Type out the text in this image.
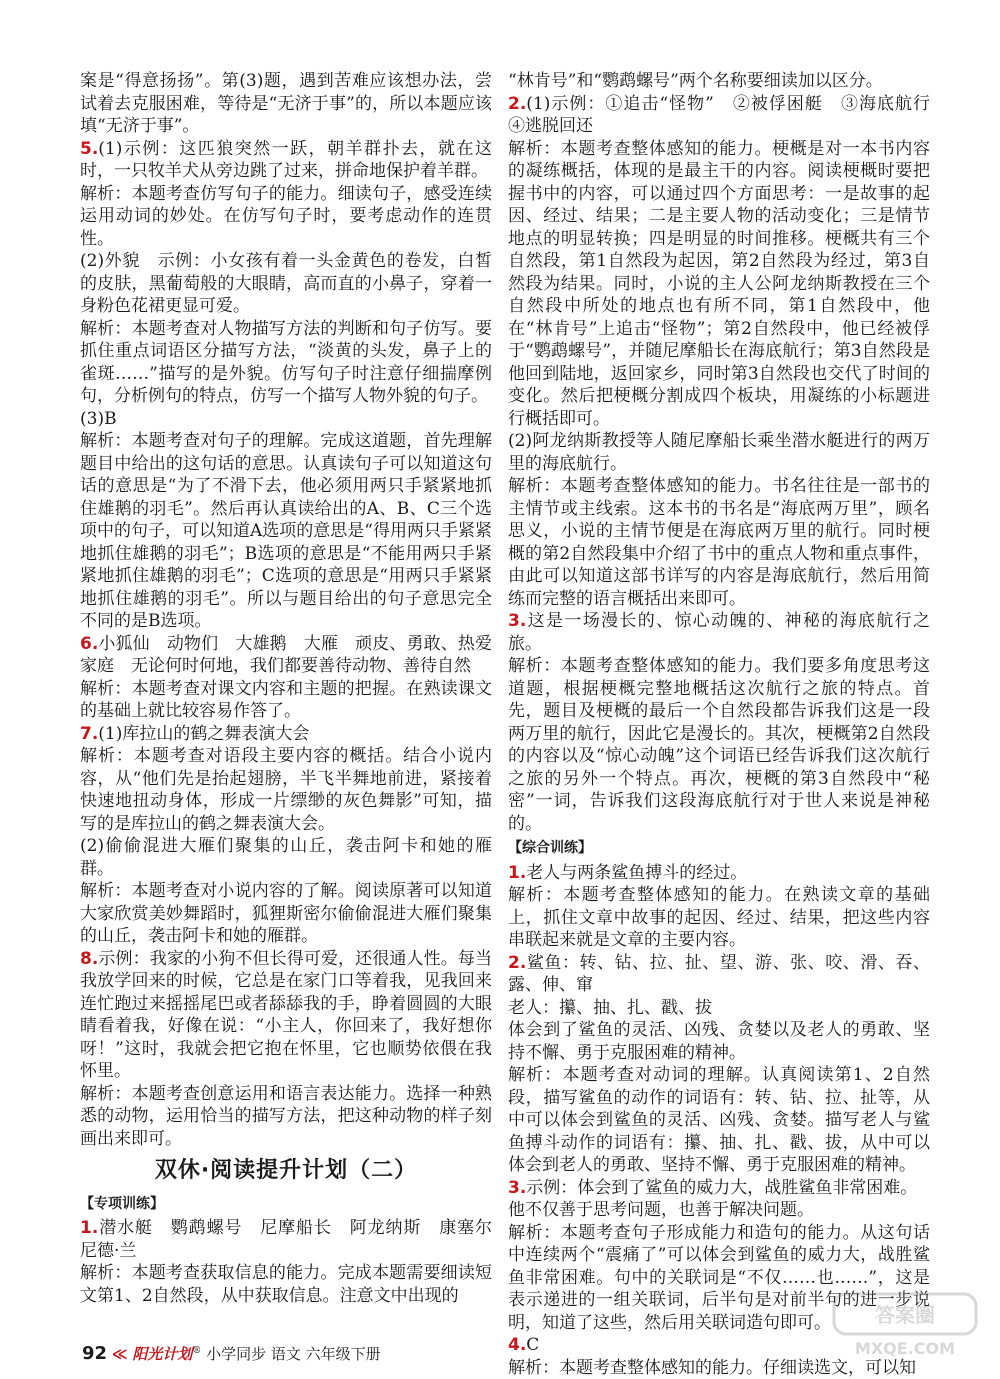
案是“得意扬扬”。第(3)题，遇到苦难应该想办法，尝试着去克服困难，等待是“无济于事”的，所以本题应该填“无济于事”。

5.(1)示例：这匹狼突然一跃，朝羊群扑去，就在这时，一只牧羊犬从旁边跳了过来，拼命地保护着羊群。

解析：本题考查仿写句子的能力。细读句子，感受连续运用动词的妙处。在仿写句子时，要考虑动作的连贯性。

(2)外貌　示例：小女孩有着一头金黄色的卷发，白皙的皮肤，黑葡萄般的大眼睛，高而直的小鼻子，穿着一身粉色花裙更显可爱。

解析：本题考查对人物描写方法的判断和句子仿写。要抓住重点词语区分描写方法，“淡黄的头发，鼻子上的雀斑……”描写的是外貌。仿写句子时注意仔细揣摩例句，分析例句的特点，仿写一个描写人物外貌的句子。

(3)B

解析：本题考查对句子的理解。完成这道题，首先理解题目中给出的这句话的意思。认真读句子可以知道这句话的意思是“为了不滑下去，他必须用两只手紧紧地抓住雄鹅的羽毛”。然后再认真读给出的A、B、C三个选项中的句子，可以知道A选项的意思是“得用两只手紧紧地抓住雄鹅的羽毛”；B选项的意思是“不能用两只手紧紧地抓住雄鹅的羽毛”；C选项的意思是“用两只手紧紧地抓住雄鹅的羽毛”。所以与题目给出的句子意思完全不同的是B选项。

6.小狐仙　动物们　大雄鹅　大雁　顽皮、勇敢、热爱家庭　无论何时何地，我们都要善待动物、善待自然

解析：本题考查对课文内容和主题的把握。在熟读课文的基础上就比较容易作答了。

7.(1)库拉山的鹤之舞表演大会

解析：本题考查对语段主要内容的概括。结合小说内容，从“他们先是抬起翅膀，半飞半舞地前进，紧接着快速地扭动身体，形成一片缥缈的灰色舞影”可知，描写的是库拉山的鹤之舞表演大会。

(2)偷偷混进大雁们聚集的山丘，袭击阿卡和她的雁群。

解析：本题考查对小说内容的了解。阅读原著可以知道大家欣赏美妙舞蹈时，狐狸斯密尔偷偷混进大雁们聚集的山丘，袭击阿卡和她的雁群。

8.示例：我家的小狗不但长得可爱，还很通人性。每当我放学回来的时候，它总是在家门口等着我，见我回来连忙跑过来摇摇尾巴或者舔舔我的手，睁着圆圆的大眼睛看着我，好像在说：“小主人，你回来了，我好想你呀！”这时，我就会把它抱在怀里，它也顺势依偎在我怀里。

解析：本题考查创意运用和语言表达能力。选择一种熟悉的动物，运用恰当的描写方法，把这种动物的样子刻画出来即可。

双休·阅读提升计划（二）
【 专项训练 】

1.潜水艇　鹦鹉螺号　尼摩船长　阿龙纳斯　康塞尔　尼德·兰

解析：本题考查获取信息的能力。完成本题需要细读短文第1、2自然段，从中获取信息。注意文中出现的

“林肯号”和“鹦鹉螺号”两个名称要细读加以区分。

2.(1)示例：①追击“怪物”　②被俘困艇　③海底航行　④逃脱回还

解析：本题考查整体感知的能力。梗概是对一本书内容的凝练概括，体现的是最主干的内容。阅读梗概时要把握书中的内容，可以通过四个方面思考：一是故事的起因、经过、结果；二是主要人物的活动变化；三是情节地点的明显转换；四是明显的时间推移。梗概共有三个自然段，第1自然段为起因，第2自然段为经过，第3自然段为结果。同时，小说的主人公阿龙纳斯教授在三个自然段中所处的地点也有所不同，第1自然段中，他在“林肯号”上追击“怪物”；第2自然段中，他已经被俘于“鹦鹉螺号”，并随尼摩船长在海底航行；第3自然段是他回到陆地，返回家乡，同时第3自然段也交代了时间的变化。然后把梗概分割成四个板块，用凝练的小标题进行概括即可。

(2)阿龙纳斯教授等人随尼摩船长乘坐潜水艇进行的两万里的海底航行。

解析：本题考查整体感知的能力。书名往往是一部书的主情节或主线索。这本书的书名是“海底两万里”，顾名思义，小说的主情节便是在海底两万里的航行。同时梗概的第2自然段集中介绍了书中的重点人物和重点事件，由此可以知道这部书详写的内容是海底航行，然后用简练而完整的语言概括出来即可。

3.这是一场漫长的、惊心动魄的、神秘的海底航行之旅。

解析：本题考查整体感知的能力。我们要多角度思考这道题，根据梗概完整地概括这次航行之旅的特点。首先，题目及梗概的最后一个自然段都告诉我们这是一段两万里的航行，因此它是漫长的。其次，梗概第2自然段的内容以及“惊心动魄”这个词语已经告诉我们这次航行之旅的另外一个特点。再次，梗概的第3自然段中“秘密”一词，告诉我们这段海底航行对于世人来说是神秘的。

【 综合训练 】

1.老人与两条鲨鱼搏斗的经过。

解析：本题考查整体感知的能力。在熟读文章的基础上，抓住文章中故事的起因、经过、结果，把这些内容串联起来就是文章的主要内容。

2.鲨鱼：转、钻、拉、扯、望、游、张、咬、滑、吞、露、伸、窜

老人：攥、抽、扎、戳、拔

体会到了鲨鱼的灵活、凶残、贪婪以及老人的勇敢、坚持不懈、勇于克服困难的精神。

解析：本题考查对动词的理解。认真阅读第1、2自然段，描写鲨鱼的动作的词语有：转、钻、拉、扯等，从中可以体会到鲨鱼的灵活、凶残、贪婪。描写老人与鲨鱼搏斗动作的词语有：攥、抽、扎、戳、拔，从中可以体会到老人的勇敢、坚持不懈、勇于克服困难的精神。

3.示例：体会到了鲨鱼的威力大，战胜鲨鱼非常困难。

他不仅善于思考问题，也善于解决问题。

解析：本题考查句子形成能力和造句的能力。从这句话中连续两个“震痛了”可以体会到鲨鱼的威力大，战胜鲨鱼非常困难。句中的关联词是“不仅……也……”，这是表示递进的一组关联词，后半句是对前半句的进一步说明，知道了这些，然后用关联词造句即可。

4.C

解析：本题考查整体感知的能力。仔细读选文，可以知

92 ≪ 阳光计划® 小学同步 语文 六年级下册
答案圈
MXQE.COM
